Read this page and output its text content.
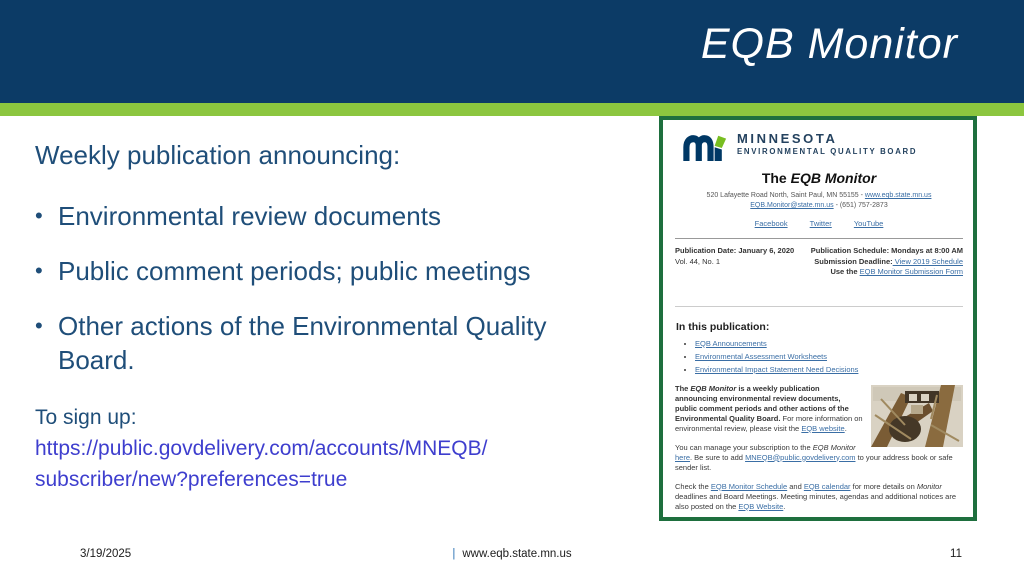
EQB Monitor

Weekly publication announcing:

• Environmental review documents
• Public comment periods; public meetings
• Other actions of the Environmental Quality Board.
To sign up:
https://public.govdelivery.com/accounts/MNEQB/
subscriber/new?preferences=true
MINNESOTA
ENVIRONMENTAL QUALITY BOARD
The EQB Monitor
520 Lafayette Road North, Saint Paul, MN 55155 - www.eqb.state.mn.us
EQB.Monitor@state.mn.us - (651) 757-2873
Facebook	Twitter	YouTube
Publication Date: January 6, 2020
Vol. 44, No. 1
Publication Schedule: Mondays at 8:00 AM
Submission Deadline: View 2019 Schedule
Use the EQB Monitor Submission Form
In this publication:
• EQB Announcements
• Environmental Assessment Worksheets
• Environmental Impact Statement Need Decisions

The EQB Monitor is a weekly publication announcing environmental review documents, public comment periods and other actions of the Environmental Quality Board. For more information on environmental review, please visit the EQB website.

You can manage your subscription to the EQB Monitor here. Be sure to add MNEQB@public.govdelivery.com to your address book or safe sender list.

Check the EQB Monitor Schedule and EQB calendar for more details on Monitor deadlines and Board Meetings. Meeting minutes, agendas and additional notices are also posted on the EQB Website.

3/19/2025	| www.eqb.state.mn.us	11
